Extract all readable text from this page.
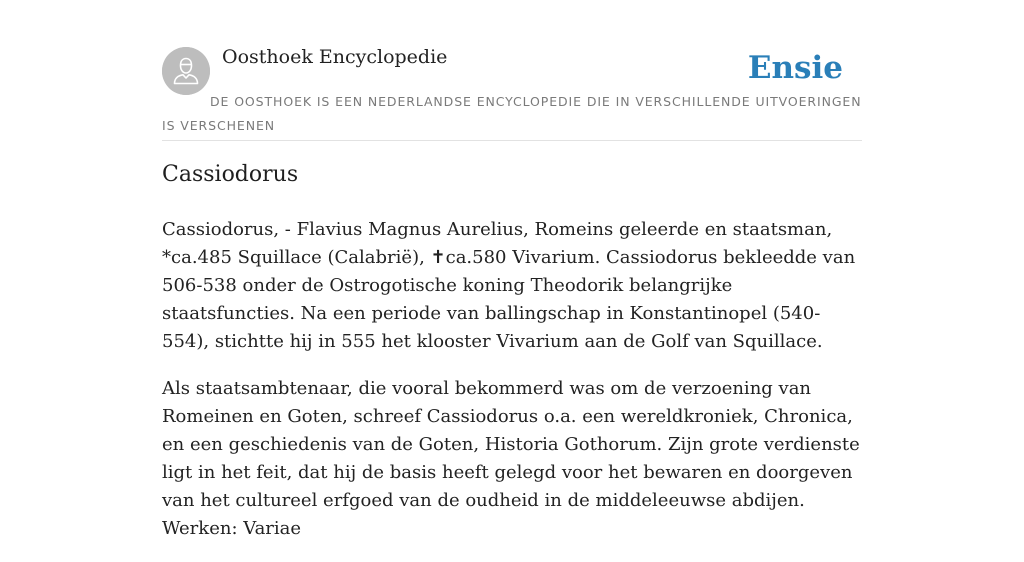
Oosthoek Encyclopedie	Ensie
DE OOSTHOEK IS EEN NEDERLANDSE ENCYCLOPEDIE DIE IN VERSCHILLENDE UITVOERINGEN IS VERSCHENEN
Cassiodorus

Cassiodorus, - Flavius Magnus Aurelius, Romeins geleerde en staatsman, *ca.485 Squillace (Calabrië), ✝ca.580 Vivarium. Cassiodorus bekleedde van 506-538 onder de Ostrogotische koning Theodorik belangrijke staatsfuncties. Na een periode van ballingschap in Konstantinopel (540-554), stichtte hij in 555 het klooster Vivarium aan de Golf van Squillace.

Als staatsambtenaar, die vooral bekommerd was om de verzoening van Romeinen en Goten, schreef Cassiodorus o.a. een wereldkroniek, Chronica, en een geschiedenis van de Goten, Historia Gothorum. Zijn grote verdienste ligt in het feit, dat hij de basis heeft gelegd voor het bewaren en doorgeven van het cultureel erfgoed van de oudheid in de middeleeuwse abdijen. Werken: Variae
